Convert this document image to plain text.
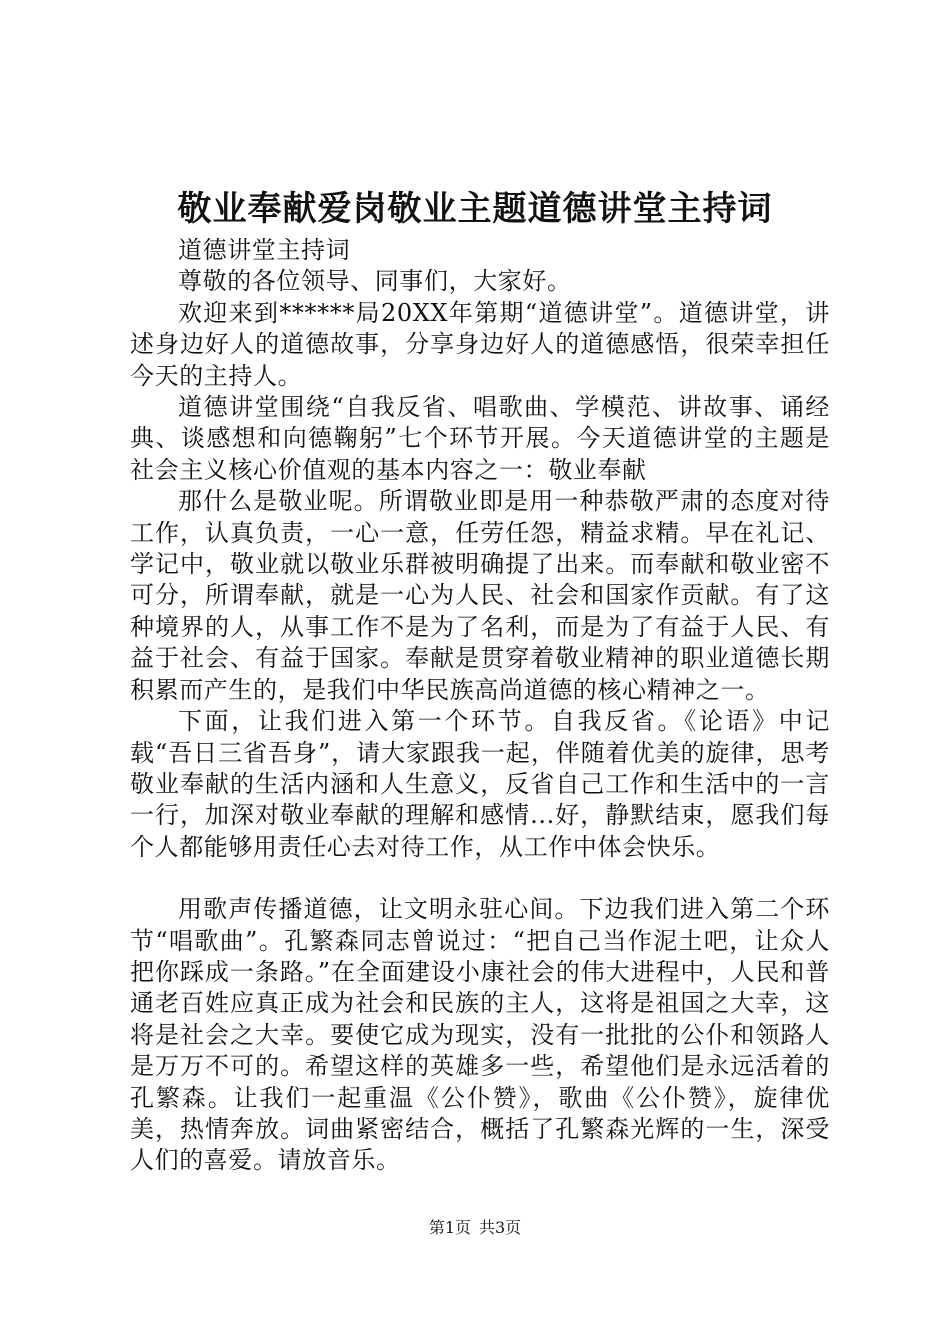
敬业奉献爱岗敬业主题道德讲堂主持词

道德讲堂主持词

尊敬的各位领导、同事们，大家好。

欢迎来到******局20XX年第期“道德讲堂”。道德讲堂，讲述身边好人的道德故事，分享身边好人的道德感悟，很荣幸担任今天的主持人。

道德讲堂围绕“自我反省、唱歌曲、学模范、讲故事、诵经典、谈感想和向德鞠躬”七个环节开展。今天道德讲堂的主题是社会主义核心价值观的基本内容之一：敬业奉献

那什么是敬业呢。所谓敬业即是用一种恭敬严肃的态度对待工作，认真负责，一心一意，任劳任怨，精益求精。早在礼记、学记中，敬业就以敬业乐群被明确提了出来。而奉献和敬业密不可分，所谓奉献，就是一心为人民、社会和国家作贡献。有了这种境界的人，从事工作不是为了名利，而是为了有益于人民、有益于社会、有益于国家。奉献是贯穿着敬业精神的职业道德长期积累而产生的，是我们中华民族高尚道德的核心精神之一。

下面，让我们进入第一个环节。自我反省。《论语》中记载“吾日三省吾身”，请大家跟我一起，伴随着优美的旋律，思考敬业奉献的生活内涵和人生意义，反省自己工作和生活中的一言一行，加深对敬业奉献的理解和感情...好，静默结束，愿我们每个人都能够用责任心去对待工作，从工作中体会快乐。

用歌声传播道德，让文明永驻心间。下边我们进入第二个环节“唱歌曲”。孔繁森同志曾说过：“把自己当作泥土吧，让众人把你踩成一条路。”在全面建设小康社会的伟大进程中，人民和普通老百姓应真正成为社会和民族的主人，这将是祖国之大幸，这将是社会之大幸。要使它成为现实，没有一批批的公仆和领路人是万万不可的。希望这样的英雄多一些，希望他们是永远活着的孔繁森。让我们一起重温《公仆赞》，歌曲《公仆赞》，旋律优美，热情奔放。词曲紧密结合，概括了孔繁森光辉的一生，深受人们的喜爱。请放音乐。

第1页 共3页
